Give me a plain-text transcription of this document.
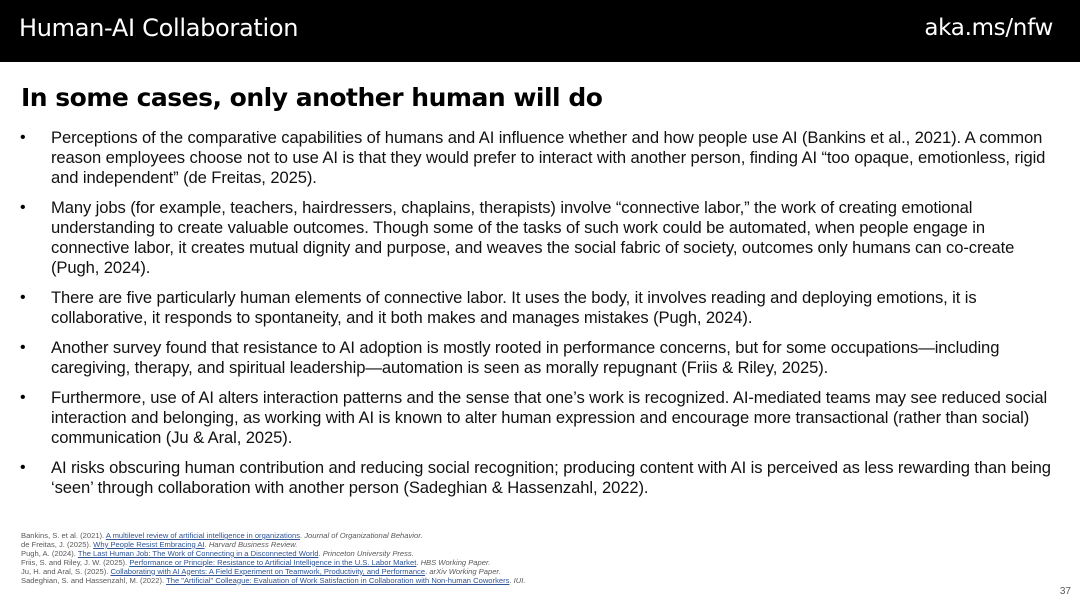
Human-AI Collaboration	aka.ms/nfw
In some cases, only another human will do
• Perceptions of the comparative capabilities of humans and AI influence whether and how people use AI (Bankins et al., 2021). A common reason employees choose not to use AI is that they would prefer to interact with another person, finding AI “too opaque, emotionless, rigid and independent” (de Freitas, 2025).
• Many jobs (for example, teachers, hairdressers, chaplains, therapists) involve “connective labor,” the work of creating emotional understanding to create valuable outcomes. Though some of the tasks of such work could be automated, when people engage in connective labor, it creates mutual dignity and purpose, and weaves the social fabric of society, outcomes only humans can co-create (Pugh, 2024).
• There are five particularly human elements of connective labor. It uses the body, it involves reading and deploying emotions, it is collaborative, it responds to spontaneity, and it both makes and manages mistakes (Pugh, 2024).
• Another survey found that resistance to AI adoption is mostly rooted in performance concerns, but for some occupations—including caregiving, therapy, and spiritual leadership—automation is seen as morally repugnant (Friis & Riley, 2025).
• Furthermore, use of AI alters interaction patterns and the sense that one’s work is recognized. AI-mediated teams may see reduced social interaction and belonging, as working with AI is known to alter human expression and encourage more transactional (rather than social) communication (Ju & Aral, 2025).
• AI risks obscuring human contribution and reducing social recognition; producing content with AI is perceived as less rewarding than being ‘seen’ through collaboration with another person (Sadeghian & Hassenzahl, 2022).
Bankins, S. et al. (2021). A multilevel review of artificial intelligence in organizations. Journal of Organizational Behavior.
de Freitas, J. (2025). Why People Resist Embracing AI. Harvard Business Review.
Pugh, A. (2024). The Last Human Job: The Work of Connecting in a Disconnected World. Princeton University Press.
Friis, S. and Riley, J. W. (2025). Performance or Principle: Resistance to Artificial Intelligence in the U.S. Labor Market. HBS Working Paper.
Ju, H. and Aral, S. (2025). Collaborating with AI Agents: A Field Experiment on Teamwork, Productivity, and Performance. arXiv Working Paper.
Sadeghian, S. and Hassenzahl, M. (2022). The "Artificial" Colleague: Evaluation of Work Satisfaction in Collaboration with Non-human Coworkers. IUI.
37
